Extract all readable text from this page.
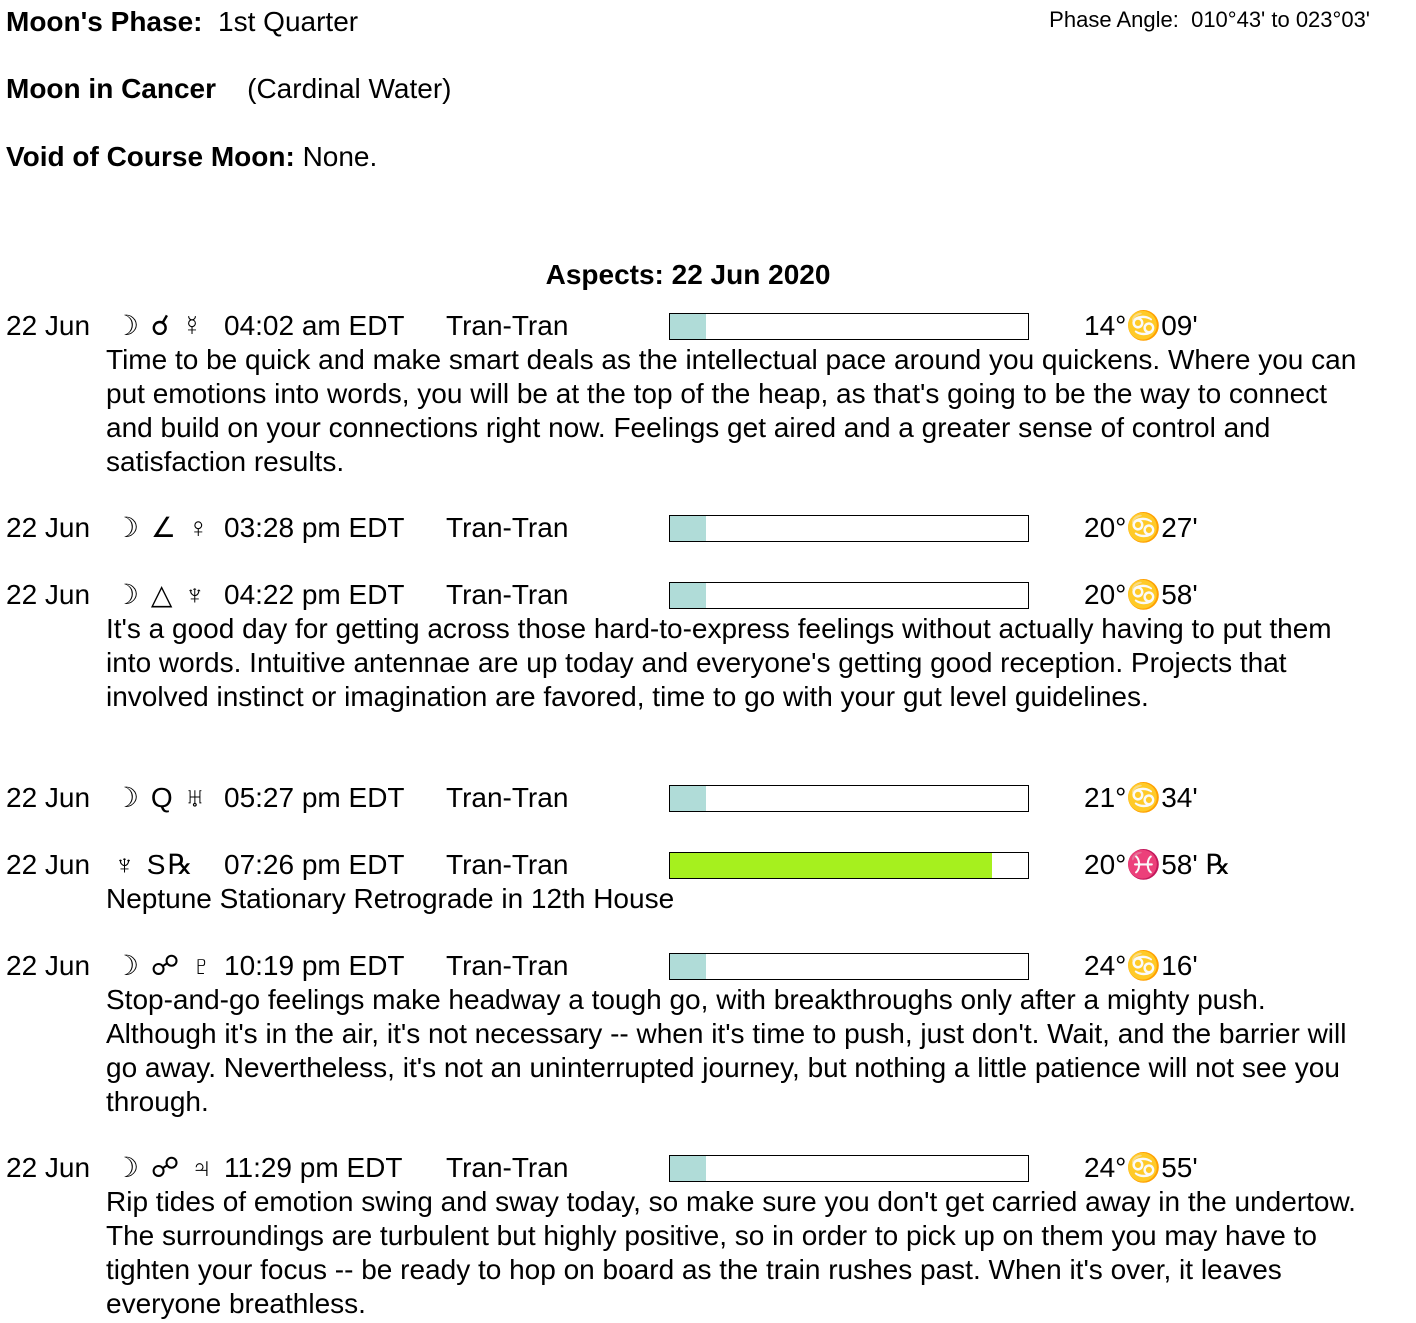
Moon's Phase: 1st Quarter	Phase Angle: 010°43' to 023°03'
Moon in Cancer (Cardinal Water)
Void of Course Moon: None.
Aspects: 22 Jun 2020
22 Jun ☽ ☌ ☿ 04:02 am EDT Tran-Tran	14°♋09'
Time to be quick and make smart deals as the intellectual pace around you quickens. Where you can put emotions into words, you will be at the top of the heap, as that's going to be the way to connect and build on your connections right now. Feelings get aired and a greater sense of control and satisfaction results.
22 Jun ☽ ∠ ♀ 03:28 pm EDT Tran-Tran	20°♋27'
22 Jun ☽ △ ♆ 04:22 pm EDT Tran-Tran	20°♋58'
It's a good day for getting across those hard-to-express feelings without actually having to put them into words. Intuitive antennae are up today and everyone's getting good reception. Projects that involved instinct or imagination are favored, time to go with your gut level guidelines.
22 Jun ☽ Q ♅ 05:27 pm EDT Tran-Tran	21°♋34'
22 Jun ♆ S℞ 07:26 pm EDT Tran-Tran	20°♓58' ℞
Neptune Stationary Retrograde in 12th House
22 Jun ☽ ☍ ♇ 10:19 pm EDT Tran-Tran	24°♋16'
Stop-and-go feelings make headway a tough go, with breakthroughs only after a mighty push. Although it's in the air, it's not necessary -- when it's time to push, just don't. Wait, and the barrier will go away. Nevertheless, it's not an uninterrupted journey, but nothing a little patience will not see you through.
22 Jun ☽ ☍ ♃ 11:29 pm EDT Tran-Tran	24°♋55'
Rip tides of emotion swing and sway today, so make sure you don't get carried away in the undertow. The surroundings are turbulent but highly positive, so in order to pick up on them you may have to tighten your focus -- be ready to hop on board as the train rushes past. When it's over, it leaves everyone breathless.
